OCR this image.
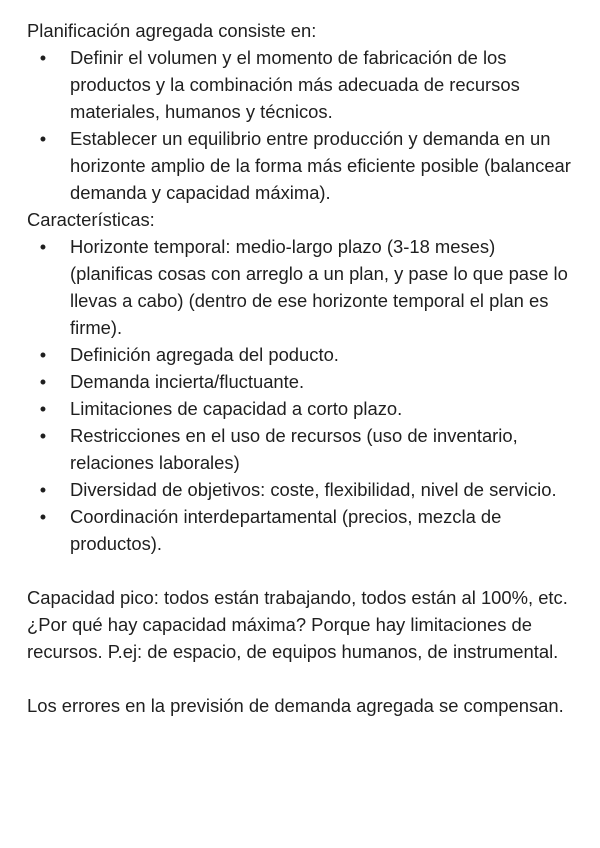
Planificación agregada consiste en:

• Definir el volumen y el momento de fabricación de los productos y la combinación más adecuada de recursos materiales, humanos y técnicos.
• Establecer un equilibrio entre producción y demanda en un horizonte amplio de la forma más eficiente posible (balancear demanda y capacidad máxima).

Características:

• Horizonte temporal: medio-largo plazo (3-18 meses) (planificas cosas con arreglo a un plan, y pase lo que pase lo llevas a cabo) (dentro de ese horizonte temporal el plan es firme).
• Definición agregada del poducto.
• Demanda incierta/fluctuante.
• Limitaciones de capacidad a corto plazo.
• Restricciones en el uso de recursos (uso de inventario, relaciones laborales)
• Diversidad de objetivos: coste, flexibilidad, nivel de servicio.
• Coordinación interdepartamental (precios, mezcla de productos).

Capacidad pico: todos están trabajando, todos están al 100%, etc.

¿Por qué hay capacidad máxima? Porque hay limitaciones de recursos. P.ej: de espacio, de equipos humanos, de instrumental.

Los errores en la previsión de demanda agregada se compensan.
